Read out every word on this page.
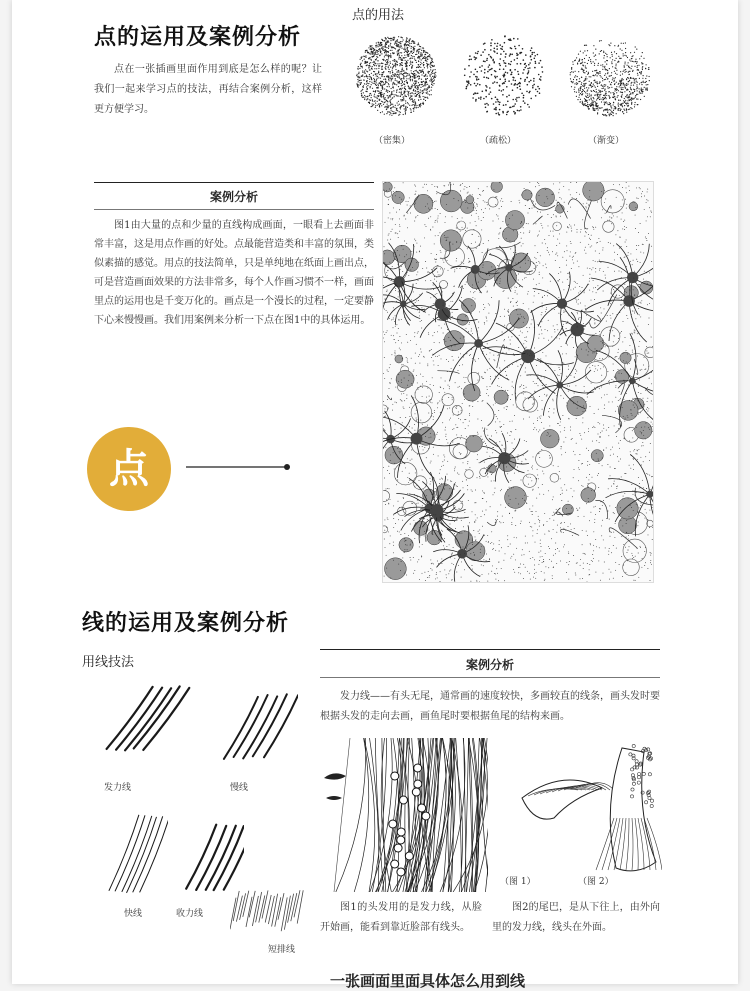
点的运用及案例分析
点在一张插画里面作用到底是怎么样的呢？让我们一起来学习点的技法，再结合案例分析，这样更方便学习。
点的用法
（密集）	（疏松）	（渐变）
案例分析
图1由大量的点和少量的直线构成画面，一眼看上去画面非常丰富，这是用点作画的好处。点最能营造类和丰富的氛围，类似素描的感觉。用点的技法简单，只是单纯地在纸面上画出点，可是营造画面效果的方法非常多，每个人作画习惯不一样，画面里点的运用也是千变万化的。画点是一个漫长的过程，一定要静下心来慢慢画。我们用案例来分析一下点在图1中的具体运用。
点
线的运用及案例分析
用线技法
发力线	慢线
快线	收力线
短排线
案例分析
发力线——有头无尾，通常画的速度较快，多画较直的线条，画头发时要根据头发的走向去画，画鱼尾时要根据鱼尾的结构来画。
（图 1）	（图 2）
图1的头发用的是发力线，从脸开始画，能看到靠近脸部有线头。
图2的尾巴，是从下往上，由外向里的发力线，线头在外面。
一张画面里面具体怎么用到线
